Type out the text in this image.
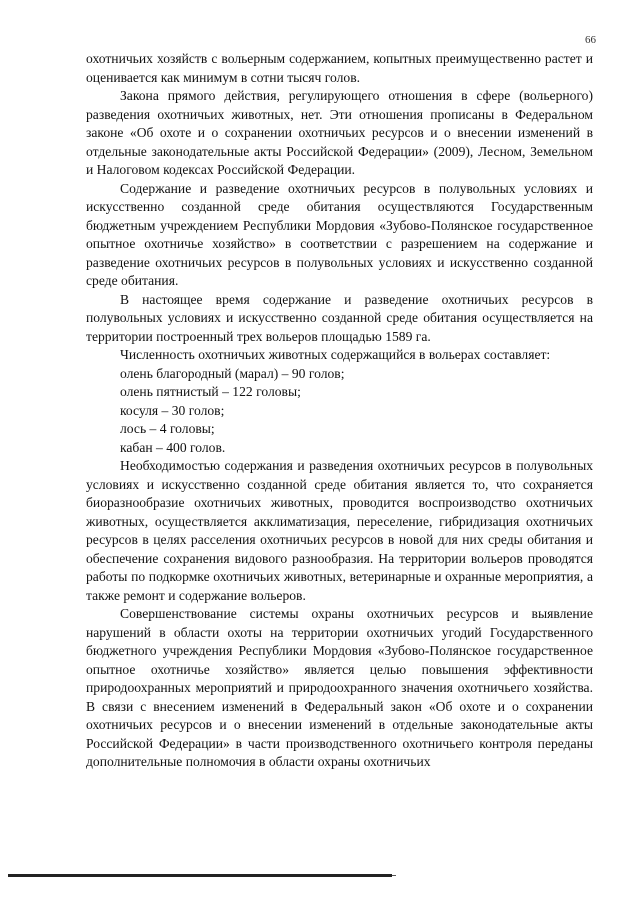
66

охотничьих хозяйств с вольерным содержанием, копытных преимущественно растет и оценивается как минимум в сотни тысяч голов.

Закона прямого действия, регулирующего отношения в сфере (вольерного) разведения охотничьих животных, нет. Эти отношения прописаны в Федеральном законе «Об охоте и о сохранении охотничьих ресурсов и о внесении изменений в отдельные законодательные акты Российской Федерации» (2009), Лесном, Земельном и Налоговом кодексах Российской Федерации.

Содержание и разведение охотничьих ресурсов в полувольных условиях и искусственно созданной среде обитания осуществляются Государственным бюджетным учреждением Республики Мордовия «Зубово-Полянское государственное опытное охотничье хозяйство» в соответствии с разрешением на содержание и разведение охотничьих ресурсов в полувольных условиях и искусственно созданной среде обитания.

В настоящее время содержание и разведение охотничьих ресурсов в полувольных условиях и искусственно созданной среде обитания осуществляется на территории построенный трех вольеров площадью 1589 га.

Численность охотничьих животных содержащийся в вольерах составляет:

олень благородный (марал) – 90 голов;
олень пятнистый – 122 головы;
косуля – 30 голов;
лось – 4 головы;
кабан – 400 голов.

Необходимостью содержания и разведения охотничьих ресурсов в полувольных условиях и искусственно созданной среде обитания является то, что сохраняется биоразнообразие охотничьих животных, проводится воспроизводство охотничьих животных, осуществляется акклиматизация, переселение, гибридизация охотничьих ресурсов в целях расселения охотничьих ресурсов в новой для них среды обитания и обеспечение сохранения видового разнообразия. На территории вольеров проводятся работы по подкормке охотничьих животных, ветеринарные и охранные мероприятия, а также ремонт и содержание вольеров.

Совершенствование системы охраны охотничьих ресурсов и выявление нарушений в области охоты на территории охотничьих угодий Государственного бюджетного учреждения Республики Мордовия «Зубово-Полянское государственное опытное охотничье хозяйство» является целью повышения эффективности природоохранных мероприятий и природоохранного значения охотничьего хозяйства. В связи с внесением изменений в Федеральный закон «Об охоте и о сохранении охотничьих ресурсов и о внесении изменений в отдельные законодательные акты Российской Федерации» в части производственного охотничьего контроля переданы дополнительные полномочия в области охраны охотничьих
